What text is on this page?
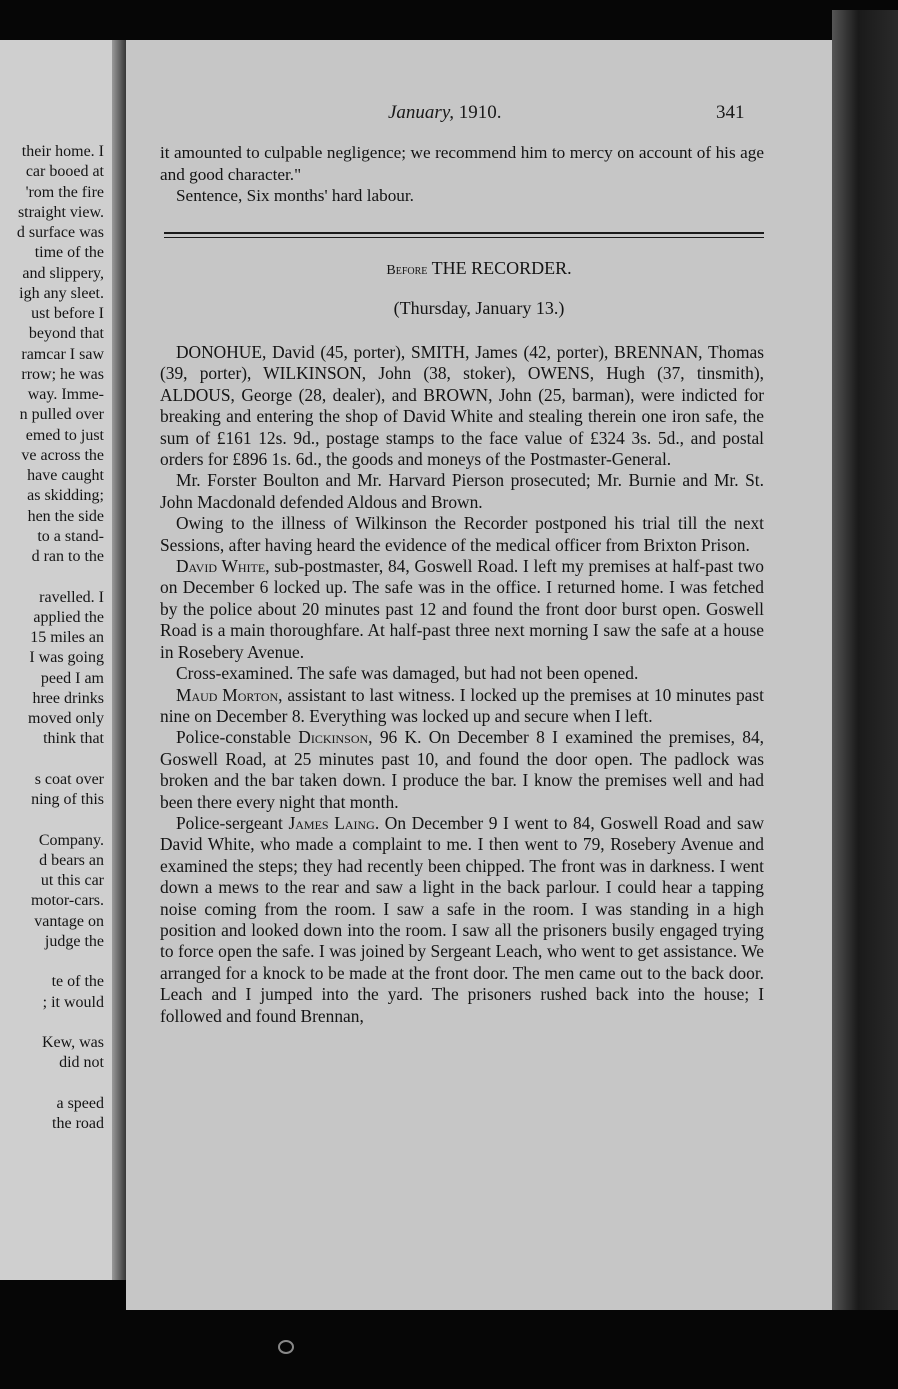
their home. I
car booed at
'rom the fire
straight view.
d surface was
time of the
and slippery,
igh any sleet.
ust before I
beyond that
ramcar I saw
rrow; he was
way. Imme-
n pulled over
emed to just
ve across the
have caught
as skidding;
hen the side
to a stand-
d ran to the
ravelled. I
applied the
15 miles an
I was going
peed I am
hree drinks
moved only
think that
s coat over
ning of this
Company.
d bears an
ut this car
motor-cars.
vantage on
judge the
te of the
; it would
Kew, was
did not
a speed
the road
January, 1910.	341

it amounted to culpable negligence; we recommend him to mercy on account of his age and good character."

Sentence, Six months' hard labour.

Before THE RECORDER.
(Thursday, January 13.)

DONOHUE, David (45, porter), SMITH, James (42, porter), BRENNAN, Thomas (39, porter), WILKINSON, John (38, stoker), OWENS, Hugh (37, tinsmith), ALDOUS, George (28, dealer), and BROWN, John (25, barman), were indicted for breaking and entering the shop of David White and stealing therein one iron safe, the sum of £161 12s. 9d., postage stamps to the face value of £324 3s. 5d., and postal orders for £896 1s. 6d., the goods and moneys of the Postmaster-General.

Mr. Forster Boulton and Mr. Harvard Pierson prosecuted; Mr. Burnie and Mr. St. John Macdonald defended Aldous and Brown.

Owing to the illness of Wilkinson the Recorder postponed his trial till the next Sessions, after having heard the evidence of the medical officer from Brixton Prison.

David White, sub-postmaster, 84, Goswell Road. I left my premises at half-past two on December 6 locked up. The safe was in the office. I returned home. I was fetched by the police about 20 minutes past 12 and found the front door burst open. Goswell Road is a main thoroughfare. At half-past three next morning I saw the safe at a house in Rosebery Avenue.

Cross-examined. The safe was damaged, but had not been opened.

Maud Morton, assistant to last witness. I locked up the premises at 10 minutes past nine on December 8. Everything was locked up and secure when I left.

Police-constable Dickinson, 96 K. On December 8 I examined the premises, 84, Goswell Road, at 25 minutes past 10, and found the door open. The padlock was broken and the bar taken down. I produce the bar. I know the premises well and had been there every night that month.

Police-sergeant James Laing. On December 9 I went to 84, Goswell Road and saw David White, who made a complaint to me. I then went to 79, Rosebery Avenue and examined the steps; they had recently been chipped. The front was in darkness. I went down a mews to the rear and saw a light in the back parlour. I could hear a tapping noise coming from the room. I saw a safe in the room. I was standing in a high position and looked down into the room. I saw all the prisoners busily engaged trying to force open the safe. I was joined by Sergeant Leach, who went to get assistance. We arranged for a knock to be made at the front door. The men came out to the back door. Leach and I jumped into the yard. The prisoners rushed back into the house; I followed and found Brennan,
